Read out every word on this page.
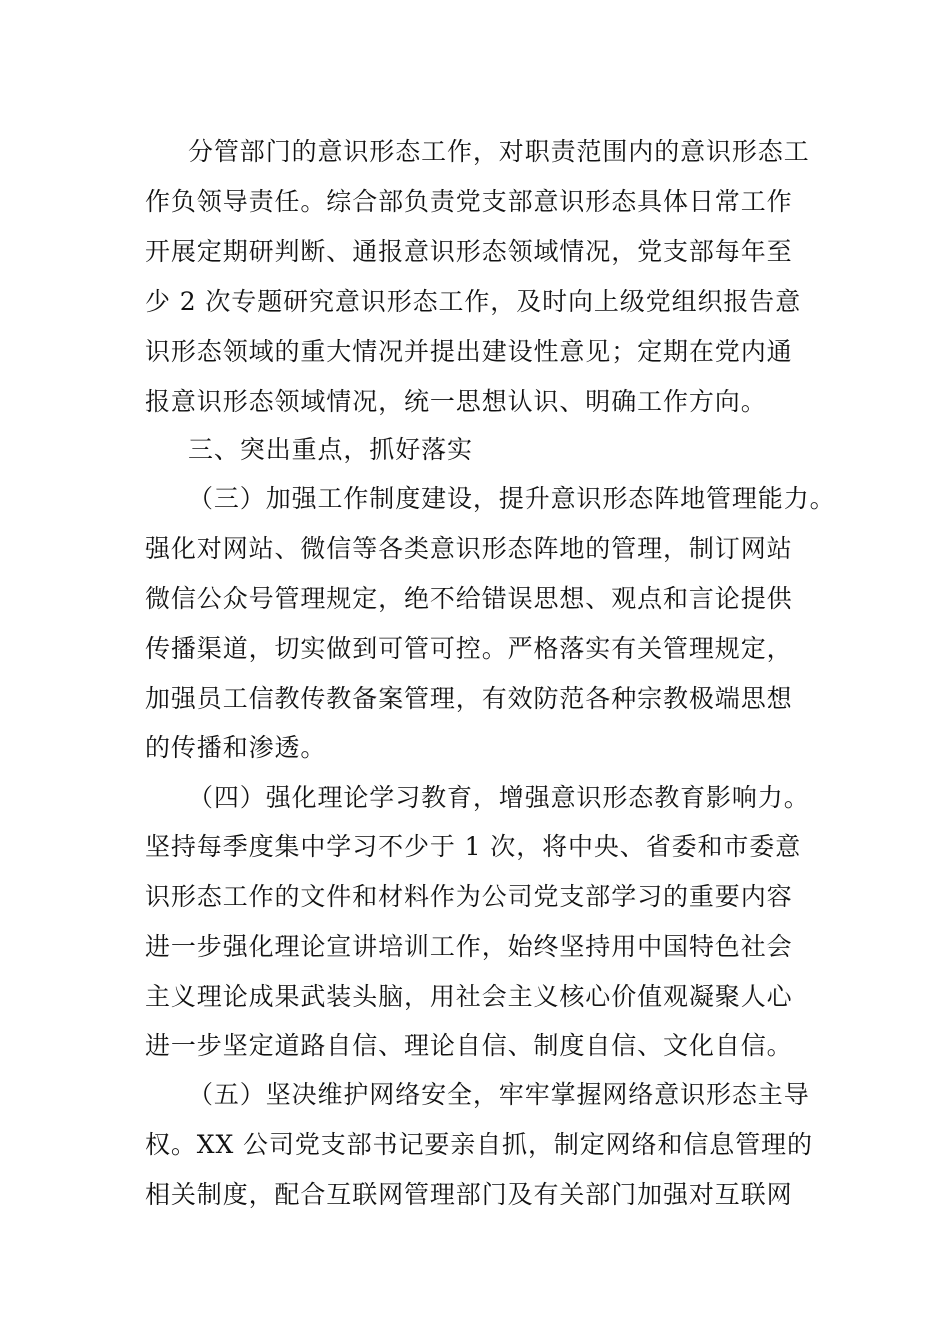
分管部门的意识形态工作，对职责范围内的意识形态工
作负领导责任。综合部负责党支部意识形态具体日常工作
开展定期研判断、通报意识形态领域情况，党支部每年至
少 2 次专题研究意识形态工作，及时向上级党组织报告意
识形态领域的重大情况并提出建设性意见；定期在党内通
报意识形态领域情况，统一思想认识、明确工作方向。
三、突出重点，抓好落实
（三）加强工作制度建设，提升意识形态阵地管理能力。
强化对网站、微信等各类意识形态阵地的管理，制订网站
微信公众号管理规定，绝不给错误思想、观点和言论提供
传播渠道，切实做到可管可控。严格落实有关管理规定，
加强员工信教传教备案管理，有效防范各种宗教极端思想
的传播和渗透。
（四）强化理论学习教育，增强意识形态教育影响力。
坚持每季度集中学习不少于 1 次，将中央、省委和市委意
识形态工作的文件和材料作为公司党支部学习的重要内容
进一步强化理论宣讲培训工作，始终坚持用中国特色社会
主义理论成果武装头脑，用社会主义核心价值观凝聚人心
进一步坚定道路自信、理论自信、制度自信、文化自信。
（五）坚决维护网络安全，牢牢掌握网络意识形态主导
权。XX 公司党支部书记要亲自抓，制定网络和信息管理的
相关制度，配合互联网管理部门及有关部门加强对互联网
